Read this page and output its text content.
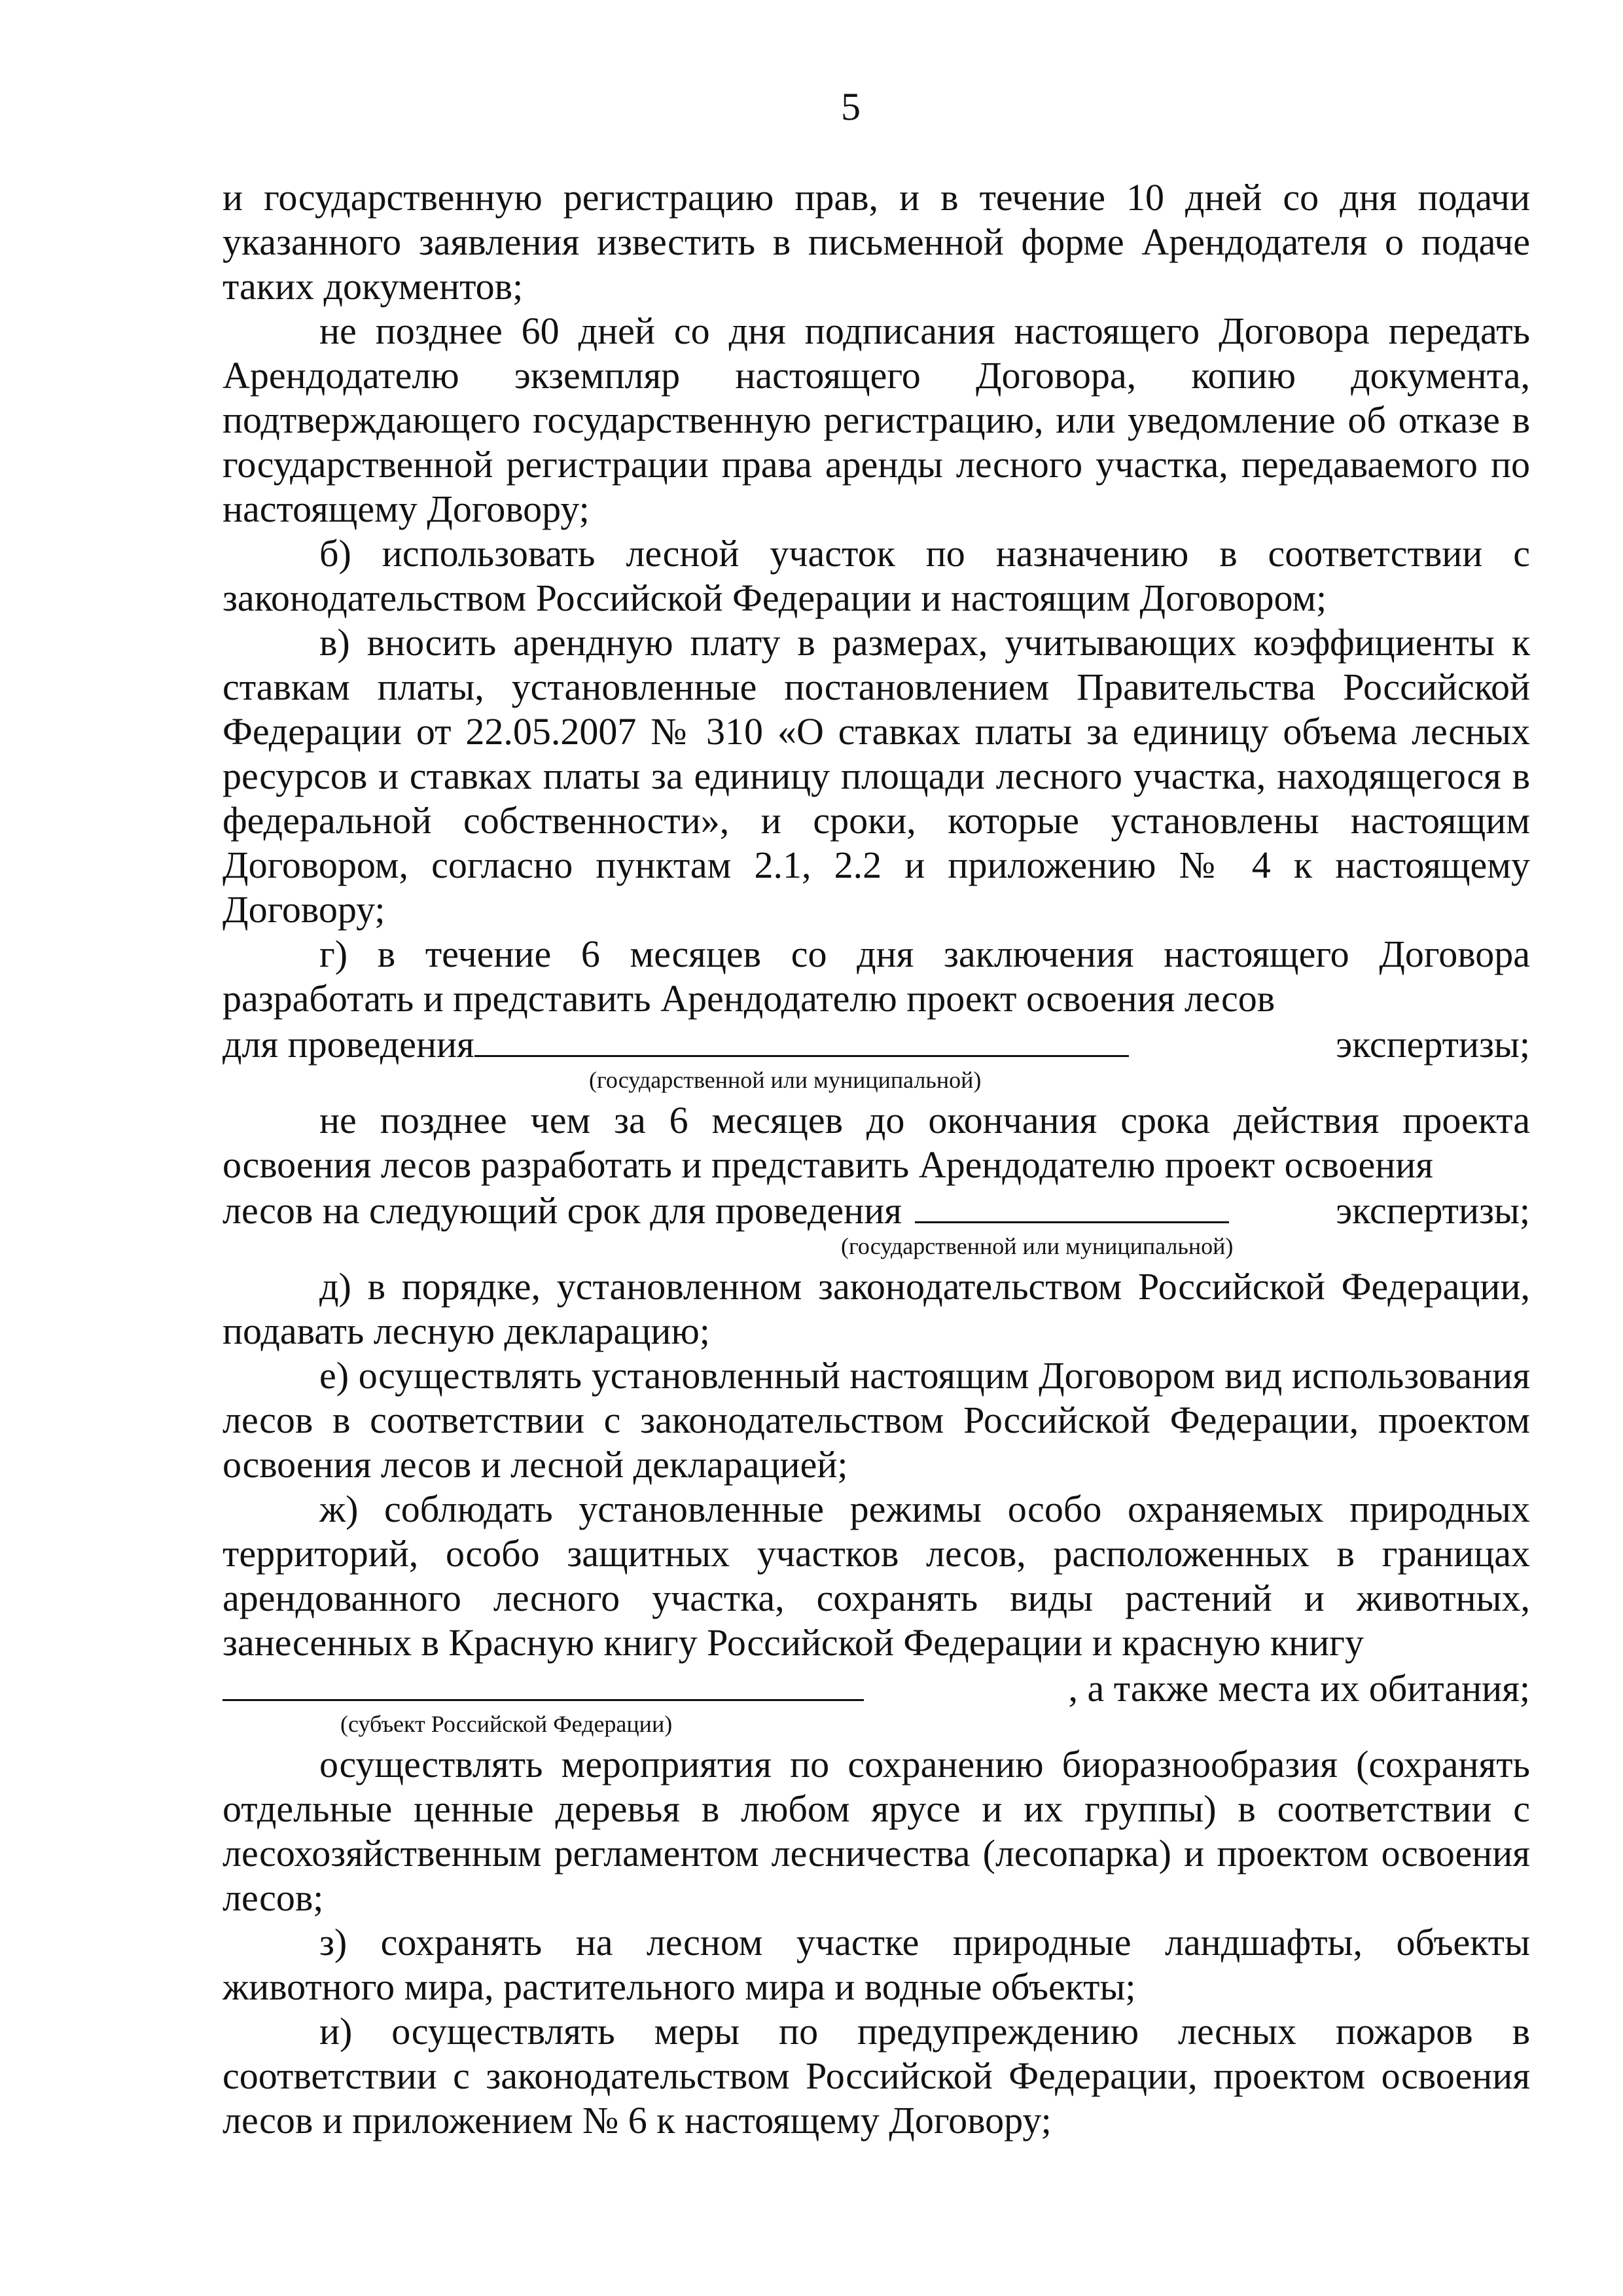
5

и государственную регистрацию прав, и в течение 10 дней со дня подачи указанного заявления известить в письменной форме Арендодателя о подаче таких документов;

не позднее 60 дней со дня подписания настоящего Договора передать Арендодателю экземпляр настоящего Договора, копию документа, подтверждающего государственную регистрацию, или уведомление об отказе в государственной регистрации права аренды лесного участка, передаваемого по настоящему Договору;

б) использовать лесной участок по назначению в соответствии с законодательством Российской Федерации и настоящим Договором;

в) вносить арендную плату в размерах, учитывающих коэффициенты к ставкам платы, установленные постановлением Правительства Российской Федерации от 22.05.2007 № 310 «О ставках платы за единицу объема лесных ресурсов и ставках платы за единицу площади лесного участка, находящегося в федеральной собственности», и сроки, которые установлены настоящим Договором, согласно пунктам 2.1, 2.2 и приложению № 4 к настоящему Договору;

г) в течение 6 месяцев со дня заключения настоящего Договора разработать и представить Арендодателю проект освоения лесов

для проведения	экспертизы;
(государственной или муниципальной)

не позднее чем за 6 месяцев до окончания срока действия проекта освоения лесов разработать и представить Арендодателю проект освоения

лесов на следующий срок для проведения	экспертизы;
(государственной или муниципальной)

д) в порядке, установленном законодательством Российской Федерации, подавать лесную декларацию;

е) осуществлять установленный настоящим Договором вид использования лесов в соответствии с законодательством Российской Федерации, проектом освоения лесов и лесной декларацией;

ж) соблюдать установленные режимы особо охраняемых природных территорий, особо защитных участков лесов, расположенных в границах арендованного лесного участка, сохранять виды растений и животных, занесенных в Красную книгу Российской Федерации и красную книгу

, а также места их обитания;
(субъект Российской Федерации)

осуществлять мероприятия по сохранению биоразнообразия (сохранять отдельные ценные деревья в любом ярусе и их группы) в соответствии с лесохозяйственным регламентом лесничества (лесопарка) и проектом освоения лесов;

з) сохранять на лесном участке природные ландшафты, объекты животного мира, растительного мира и водные объекты;

и) осуществлять меры по предупреждению лесных пожаров в соответствии с законодательством Российской Федерации, проектом освоения лесов и приложением № 6 к настоящему Договору;
